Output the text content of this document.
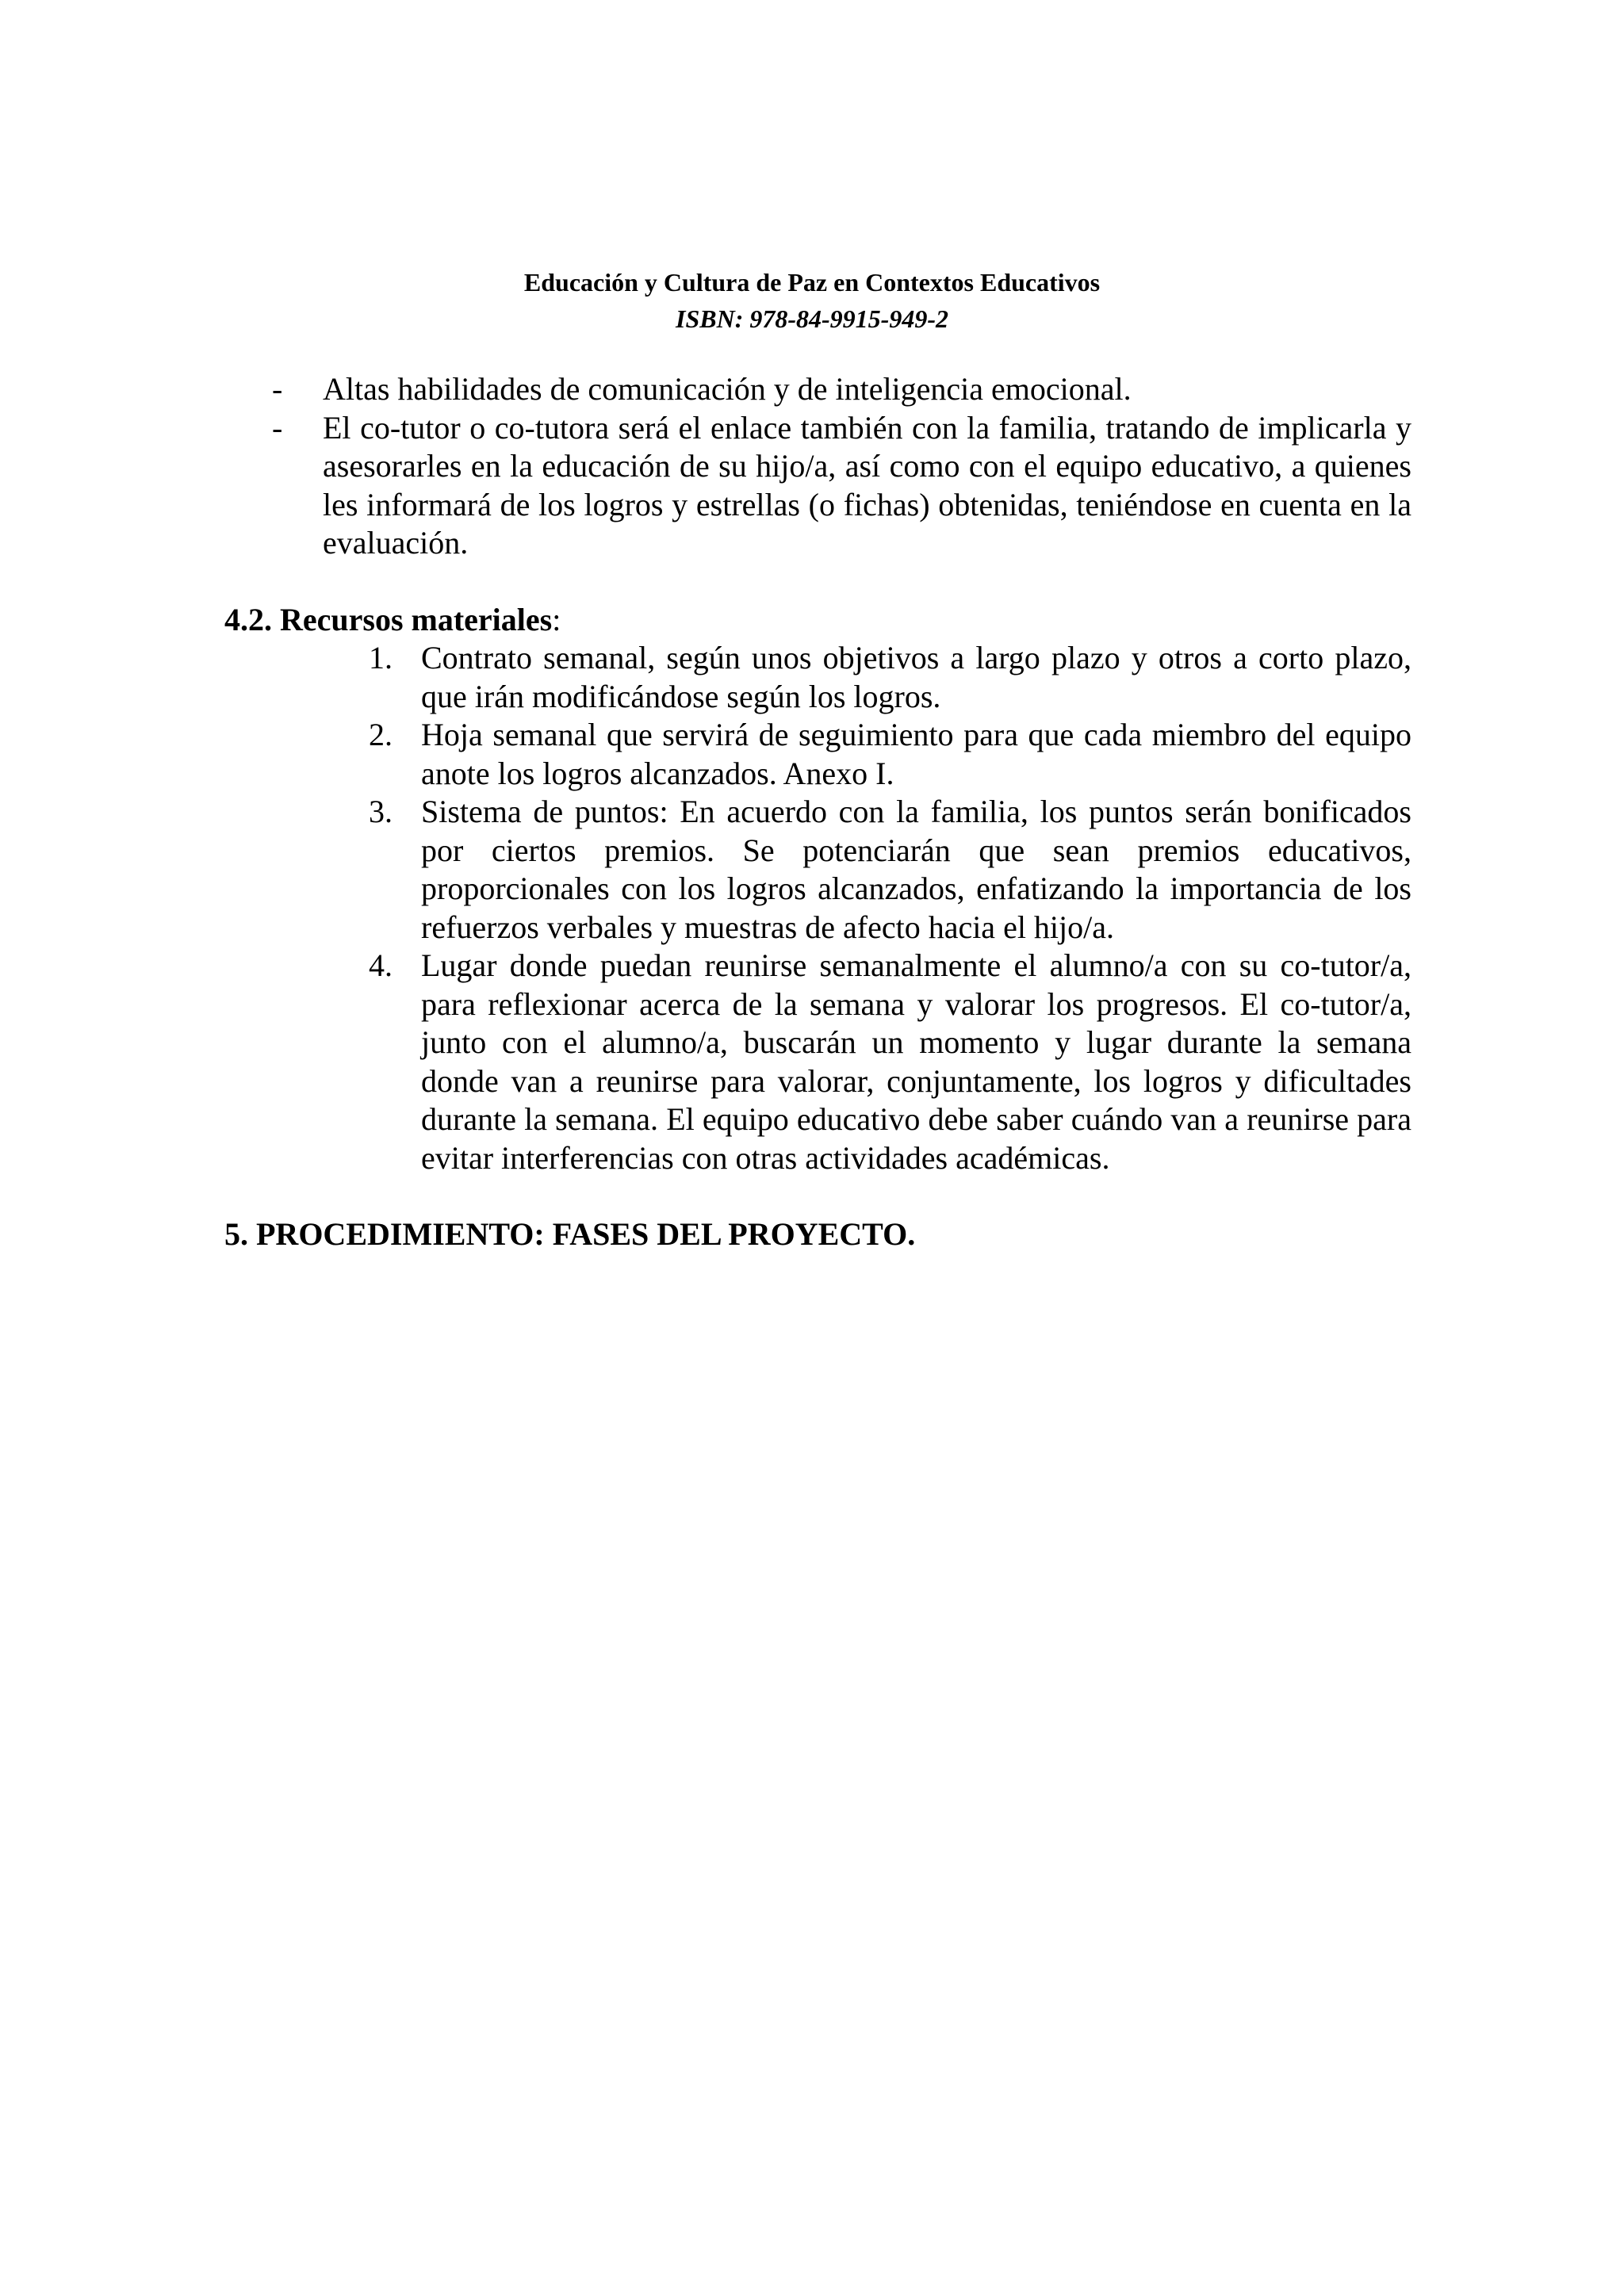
Educación y Cultura de Paz en Contextos Educativos
ISBN: 978-84-9915-949-2
- Altas habilidades de comunicación y de inteligencia emocional.
- El co-tutor o co-tutora será el enlace también con la familia, tratando de implicarla y asesorarles en la educación de su hijo/a, así como con el equipo educativo, a quienes les informará de los logros y estrellas (o fichas) obtenidas, teniéndose en cuenta en la evaluación.
4.2. Recursos materiales:
1. Contrato semanal, según unos objetivos a largo plazo y otros a corto plazo, que irán modificándose según los logros.
2. Hoja semanal que servirá de seguimiento para que cada miembro del equipo anote los logros alcanzados. Anexo I.
3. Sistema de puntos: En acuerdo con la familia, los puntos serán bonificados por ciertos premios. Se potenciarán que sean premios educativos, proporcionales con los logros alcanzados, enfatizando la importancia de los refuerzos verbales y muestras de afecto hacia el hijo/a.
4. Lugar donde puedan reunirse semanalmente el alumno/a con su co-tutor/a, para reflexionar acerca de la semana y valorar los progresos. El co-tutor/a, junto con el alumno/a, buscarán un momento y lugar durante la semana donde van a reunirse para valorar, conjuntamente, los logros y dificultades durante la semana. El equipo educativo debe saber cuándo van a reunirse para evitar interferencias con otras actividades académicas.
5. PROCEDIMIENTO: FASES DEL PROYECTO.
